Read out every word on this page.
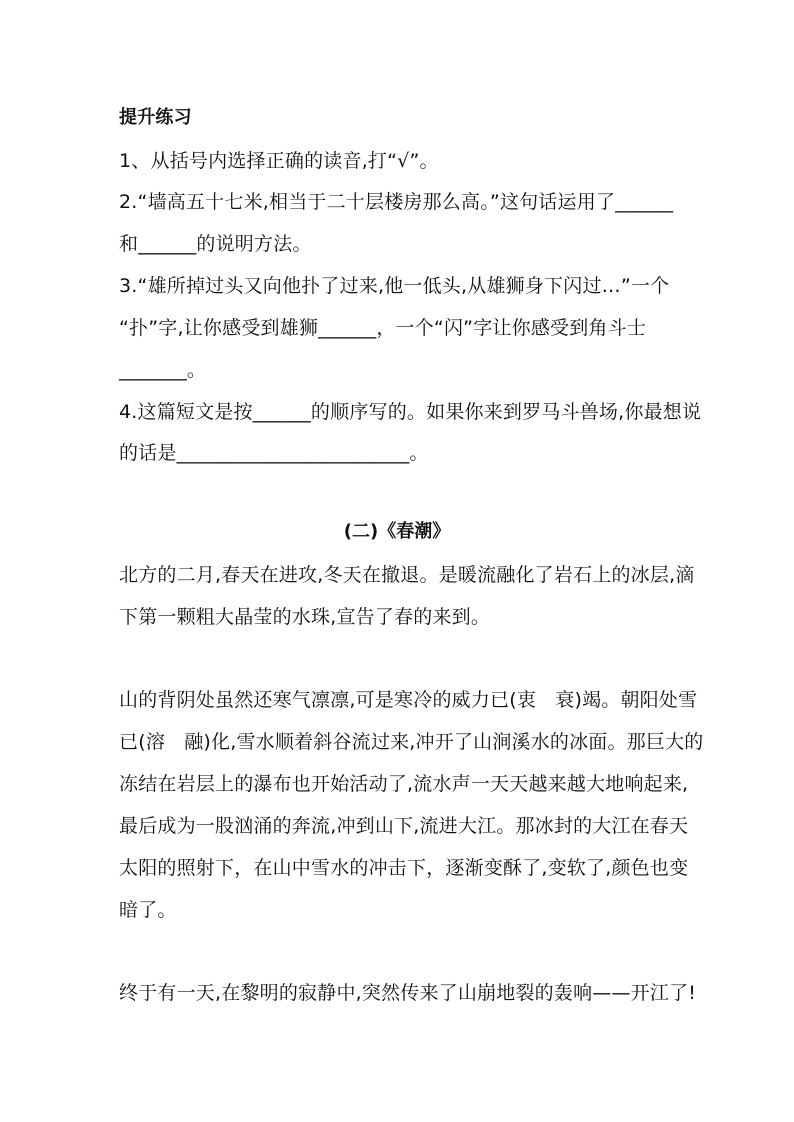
提升练习
1、从括号内选择正确的读音,打“√”。
2.“墙高五十七米,相当于二十层楼房那么高。”这句话运用了______
和______的说明方法。
3.“雄所掉过头又向他扑了过来,他一低头,从雄狮身下闪过…”一个
“扑”字,让你感受到雄狮______，一个“闪”字让你感受到角斗士
_______。
4.这篇短文是按______的顺序写的。如果你来到罗马斗兽场,你最想说
的话是________________________。
(二)《春潮》
北方的二月,春天在进攻,冬天在撤退。是暖流融化了岩石上的冰层,滴
下第一颗粗大晶莹的水珠,宣告了春的来到。
山的背阴处虽然还寒气凛凛,可是寒冷的威力已(衷　衰)竭。朝阳处雪
已(溶　融)化,雪水顺着斜谷流过来,冲开了山涧溪水的冰面。那巨大的
冻结在岩层上的瀑布也开始活动了,流水声一天天越来越大地响起来,
最后成为一股汹涌的奔流,冲到山下,流进大江。那冰封的大江在春天
太阳的照射下，在山中雪水的冲击下，逐渐变酥了,变软了,颜色也变
暗了。
终于有一天,在黎明的寂静中,突然传来了山崩地裂的轰响——开江了!
